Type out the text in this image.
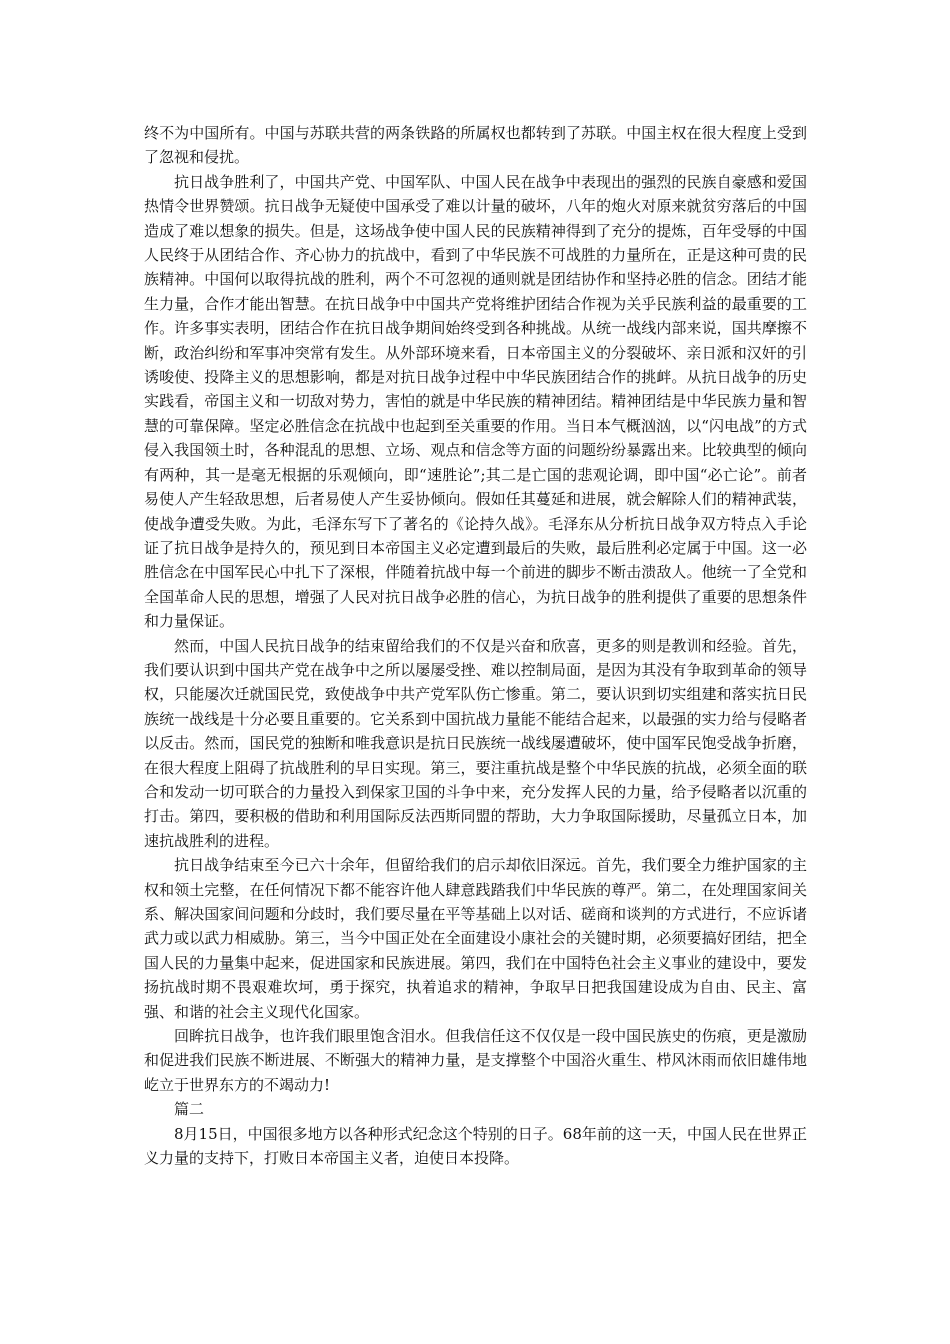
终不为中国所有。中国与苏联共营的两条铁路的所属权也都转到了苏联。中国主权在很大程度上受到了忽视和侵扰。

抗日战争胜利了，中国共产党、中国军队、中国人民在战争中表现出的强烈的民族自豪感和爱国热情令世界赞颂。抗日战争无疑使中国承受了难以计量的破坏，八年的炮火对原来就贫穷落后的中国造成了难以想象的损失。但是，这场战争使中国人民的民族精神得到了充分的提炼，百年受辱的中国人民终于从团结合作、齐心协力的抗战中，看到了中华民族不可战胜的力量所在，正是这种可贵的民族精神。中国何以取得抗战的胜利，两个不可忽视的通则就是团结协作和坚持必胜的信念。团结才能生力量，合作才能出智慧。在抗日战争中中国共产党将维护团结合作视为关乎民族利益的最重要的工作。许多事实表明，团结合作在抗日战争期间始终受到各种挑战。从统一战线内部来说，国共摩擦不断，政治纠纷和军事冲突常有发生。从外部环境来看，日本帝国主义的分裂破坏、亲日派和汉奸的引诱唆使、投降主义的思想影响，都是对抗日战争过程中中华民族团结合作的挑衅。从抗日战争的历史实践看，帝国主义和一切敌对势力，害怕的就是中华民族的精神团结。精神团结是中华民族力量和智慧的可靠保障。坚定必胜信念在抗战中也起到至关重要的作用。当日本气概汹汹，以“闪电战”的方式侵入我国领土时，各种混乱的思想、立场、观点和信念等方面的问题纷纷暴露出来。比较典型的倾向有两种，其一是毫无根据的乐观倾向，即“速胜论”;其二是亡国的悲观论调，即中国“必亡论”。前者易使人产生轻敌思想，后者易使人产生妥协倾向。假如任其蔓延和进展，就会解除人们的精神武装，使战争遭受失败。为此，毛泽东写下了著名的《论持久战》。毛泽东从分析抗日战争双方特点入手论证了抗日战争是持久的，预见到日本帝国主义必定遭到最后的失败，最后胜利必定属于中国。这一必胜信念在中国军民心中扎下了深根，伴随着抗战中每一个前进的脚步不断击溃敌人。他统一了全党和全国革命人民的思想，增强了人民对抗日战争必胜的信心，为抗日战争的胜利提供了重要的思想条件和力量保证。

然而，中国人民抗日战争的结束留给我们的不仅是兴奋和欣喜，更多的则是教训和经验。首先，我们要认识到中国共产党在战争中之所以屡屡受挫、难以控制局面，是因为其没有争取到革命的领导权，只能屡次迁就国民党，致使战争中共产党军队伤亡惨重。第二，要认识到切实组建和落实抗日民族统一战线是十分必要且重要的。它关系到中国抗战力量能不能结合起来，以最强的实力给与侵略者以反击。然而，国民党的独断和唯我意识是抗日民族统一战线屡遭破坏，使中国军民饱受战争折磨，在很大程度上阻碍了抗战胜利的早日实现。第三，要注重抗战是整个中华民族的抗战，必须全面的联合和发动一切可联合的力量投入到保家卫国的斗争中来，充分发挥人民的力量，给予侵略者以沉重的打击。第四，要积极的借助和利用国际反法西斯同盟的帮助，大力争取国际援助，尽量孤立日本，加速抗战胜利的进程。

抗日战争结束至今已六十余年，但留给我们的启示却依旧深远。首先，我们要全力维护国家的主权和领土完整，在任何情况下都不能容许他人肆意践踏我们中华民族的尊严。第二，在处理国家间关系、解决国家间问题和分歧时，我们要尽量在平等基础上以对话、磋商和谈判的方式进行，不应诉诸武力或以武力相威胁。第三，当今中国正处在全面建设小康社会的关键时期，必须要搞好团结，把全国人民的力量集中起来，促进国家和民族进展。第四，我们在中国特色社会主义事业的建设中，要发扬抗战时期不畏艰难坎坷，勇于探究，执着追求的精神，争取早日把我国建设成为自由、民主、富强、和谐的社会主义现代化国家。

回眸抗日战争，也许我们眼里饱含泪水。但我信任这不仅仅是一段中国民族史的伤痕，更是激励和促进我们民族不断进展、不断强大的精神力量，是支撑整个中国浴火重生、栉风沐雨而依旧雄伟地屹立于世界东方的不竭动力!

篇二

8月15日，中国很多地方以各种形式纪念这个特别的日子。68年前的这一天，中国人民在世界正义力量的支持下，打败日本帝国主义者，迫使日本投降。
